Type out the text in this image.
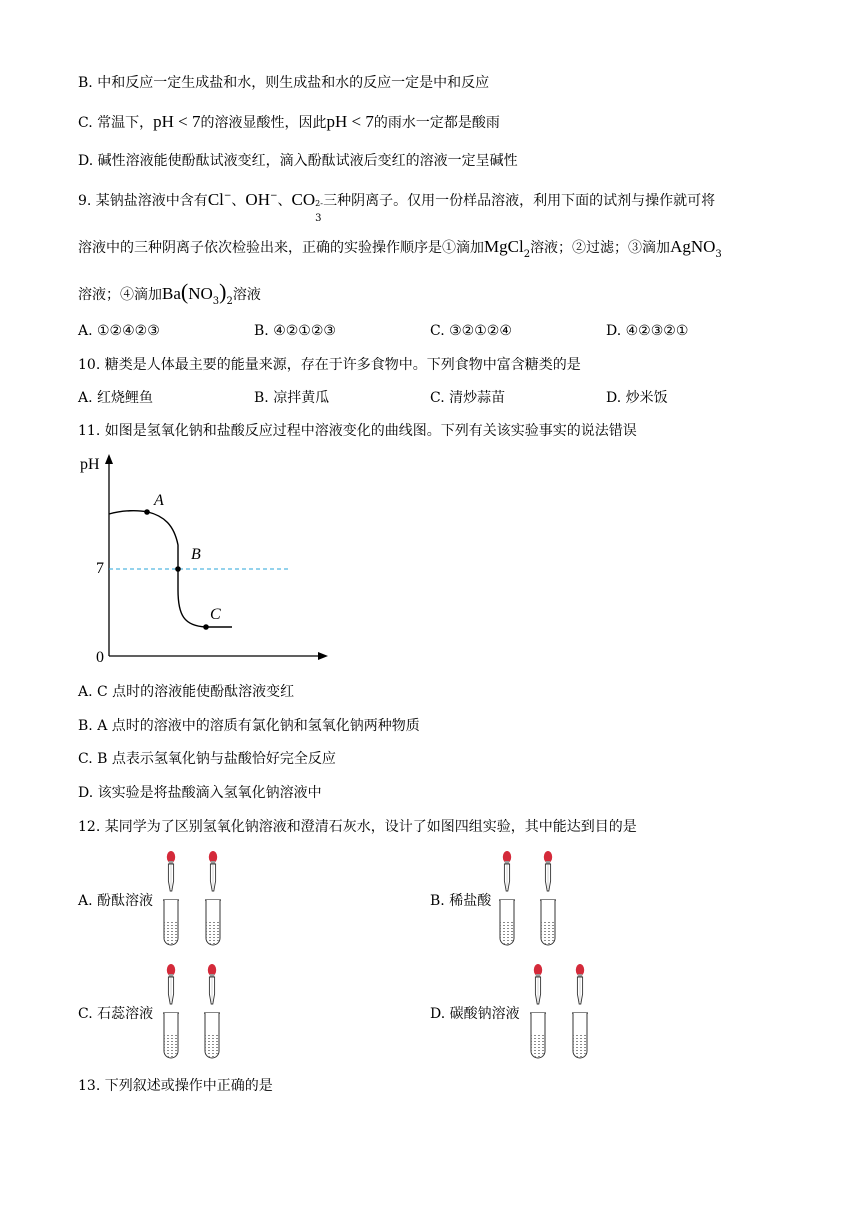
B. 中和反应一定生成盐和水，则生成盐和水的反应一定是中和反应
C. 常温下，pH < 7的溶液显酸性，因此pH < 7的雨水一定都是酸雨
D. 碱性溶液能使酚酞试液变红，滴入酚酞试液后变红的溶液一定呈碱性
9. 某钠盐溶液中含有Cl−、OH−、CO 2-
3
三种阴离子。仅用一份样品溶液，利用下面的试剂与操作就可将
溶液中的三种阴离子依次检验出来，正确的实验操作顺序是①滴加MgCl$_2$溶液；②过滤；③滴加AgNO$_3$
溶液；④滴加$Ba(NO_3)_2$溶液
A. ①②④②③	B. ④②①②③	C. ③②①②④	D. ④②③②①
10. 糖类是人体最主要的能量来源，存在于许多食物中。下列食物中富含糖类的是
A. 红烧鲤鱼	B. 凉拌黄瓜	C. 清炒蒜苗	D. 炒米饭
11. 如图是氢氧化钠和盐酸反应过程中溶液变化的曲线图。下列有关该实验事实的说法错误
pH
7
0
A
B
C
A. C 点时的溶液能使酚酞溶液变红
B. A 点时的溶液中的溶质有氯化钠和氢氧化钠两种物质
C. B 点表示氢氧化钠与盐酸恰好完全反应
D. 该实验是将盐酸滴入氢氧化钠溶液中
12. 某同学为了区别氢氧化钠溶液和澄清石灰水，设计了如图四组实验，其中能达到目的是
A. 酚酞溶液	B. 稀盐酸
C. 石蕊溶液	D. 碳酸钠溶液
13. 下列叙述或操作中正确的是
